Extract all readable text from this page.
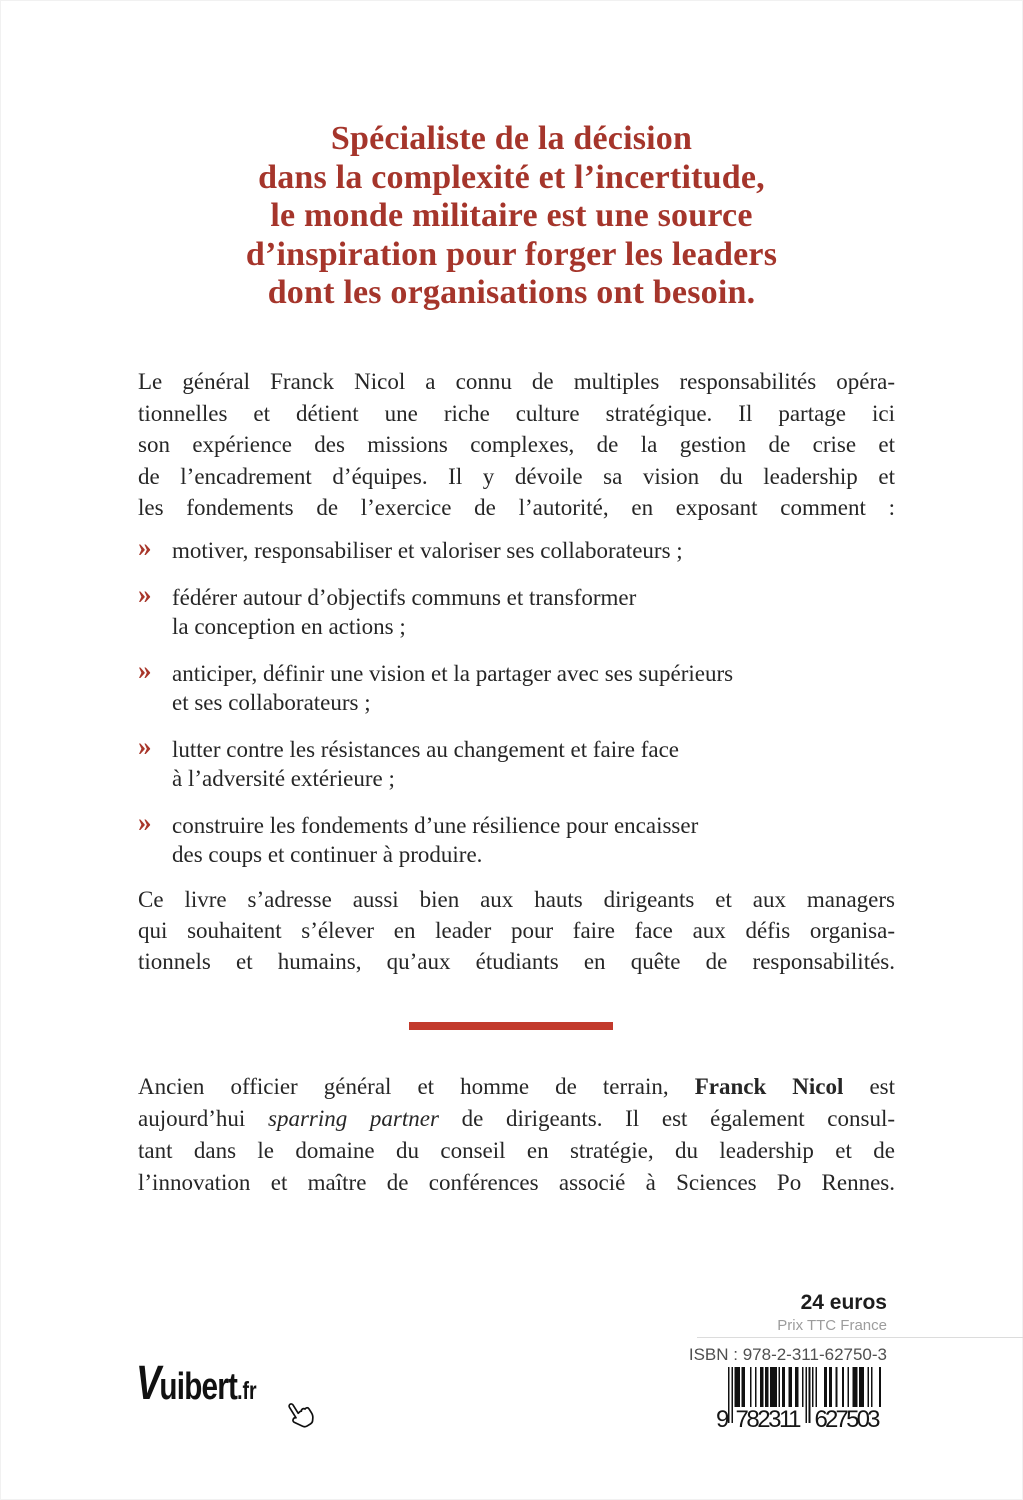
Spécialiste de la décision
dans la complexité et l’incertitude,
le monde militaire est une source
d’inspiration pour forger les leaders
dont les organisations ont besoin.
Le général Franck Nicol a connu de multiples responsabilités opéra-
tionnelles et détient une riche culture stratégique. Il partage ici
son expérience des missions complexes, de la gestion de crise et
de l’encadrement d’équipes. Il y dévoile sa vision du leadership et
les fondements de l’exercice de l’autorité, en exposant comment :
» motiver, responsabiliser et valoriser ses collaborateurs ;
» fédérer autour d’objectifs communs et transformer
la conception en actions ;
» anticiper, définir une vision et la partager avec ses supérieurs
et ses collaborateurs ;
» lutter contre les résistances au changement et faire face
à l’adversité extérieure ;
» construire les fondements d’une résilience pour encaisser
des coups et continuer à produire.
Ce livre s’adresse aussi bien aux hauts dirigeants et aux managers
qui souhaitent s’élever en leader pour faire face aux défis organisa-
tionnels et humains, qu’aux étudiants en quête de responsabilités.
Ancien officier général et homme de terrain, Franck Nicol est
aujourd’hui sparring partner de dirigeants. Il est également consul-
tant dans le domaine du conseil en stratégie, du leadership et de
l’innovation et maître de conférences associé à Sciences Po Rennes.
24 euros
Prix TTC France
ISBN : 978-2-311-62750-3
9 782311 627503
Vuibert.fr
